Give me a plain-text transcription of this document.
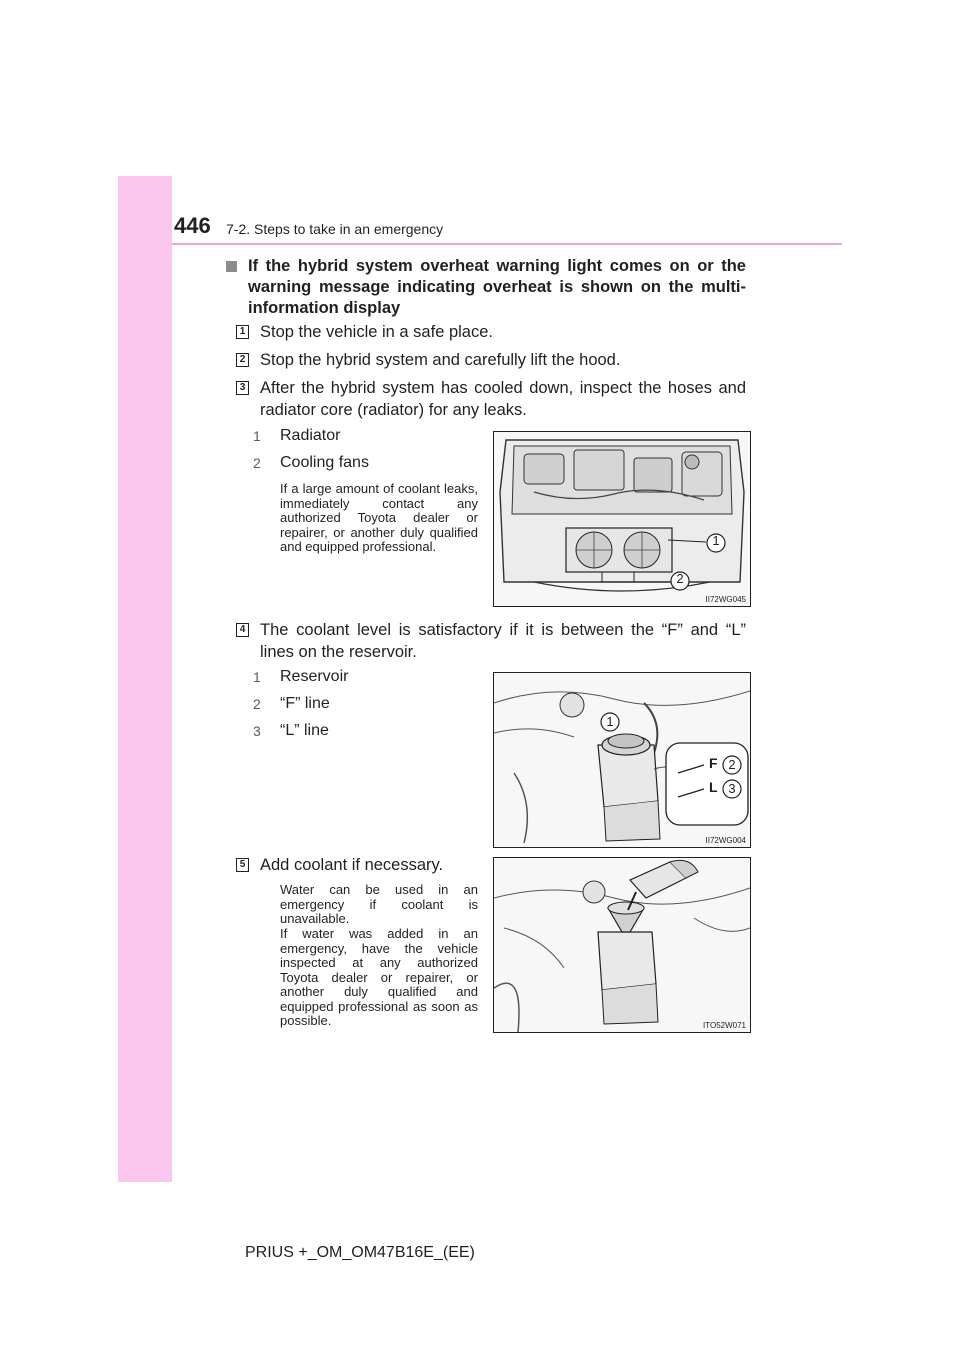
446 7-2. Steps to take in an emergency
If the hybrid system overheat warning light comes on or the warning message indicating overheat is shown on the multi-information display
1 Stop the vehicle in a safe place.
2 Stop the hybrid system and carefully lift the hood.
3 After the hybrid system has cooled down, inspect the hoses and radiator core (radiator) for any leaks.
1 Radiator
2 Cooling fans
If a large amount of coolant leaks, immediately contact any authorized Toyota dealer or repairer, or another duly qualified and equipped professional.	1
2
II72WG045
4 The coolant level is satisfactory if it is between the “F” and “L” lines on the reservoir.
1 Reservoir
2 “F” line
3 “L” line
1
F
L
2
3
II72WG004
5 Add coolant if necessary.
Water can be used in an emergency if coolant is unavailable.
If water was added in an emergency, have the vehicle inspected at any authorized Toyota dealer or repairer, or another duly qualified and equipped professional as soon as possible.	ITO52W071
PRIUS +_OM_OM47B16E_(EE)
